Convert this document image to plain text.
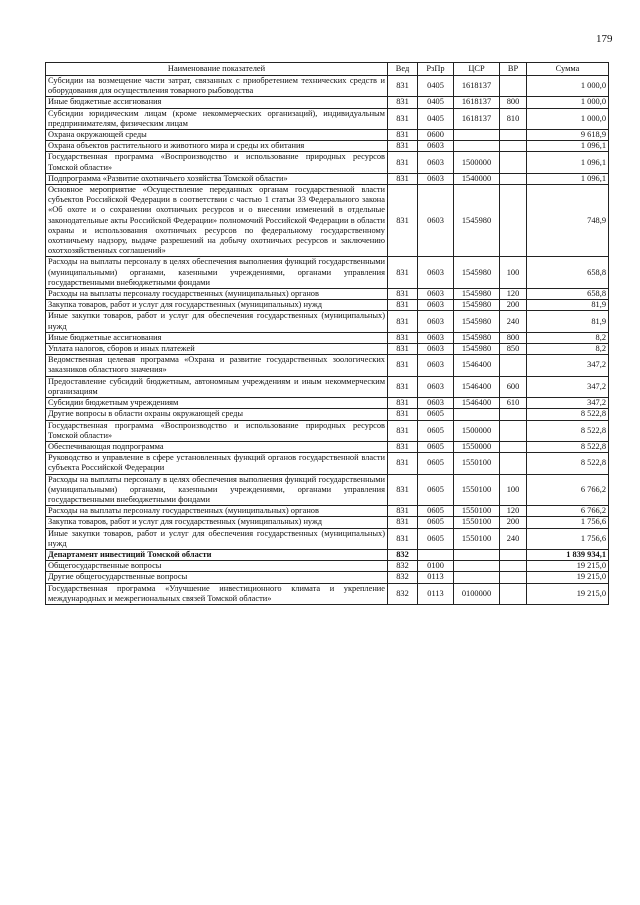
179
Наименование показателей	Вед	РзПр	ЦСР	ВР	Сумма
Субсидии на возмещение части затрат, связанных с приобретением технических средств и оборудования для осуществления товарного рыбоводства	831	0405	1618137		1 000,0
Иные бюджетные ассигнования	831	0405	1618137	800	1 000,0
Субсидии юридическим лицам (кроме некоммерческих организаций), индивидуальным предпринимателям, физическим лицам	831	0405	1618137	810	1 000,0
Охрана окружающей среды	831	0600			9 618,9
Охрана объектов растительного и животного мира и среды их обитания	831	0603			1 096,1
Государственная программа «Воспроизводство и использование природных ресурсов Томской области»	831	0603	1500000		1 096,1
Подпрограмма «Развитие охотничьего хозяйства Томской области»	831	0603	1540000		1 096,1
Основное мероприятие «Осуществление переданных органам государственной власти субъектов Российской Федерации в соответствии с частью 1 статьи 33 Федерального закона «Об охоте и о сохранении охотничьих ресурсов и о внесении изменений в отдельные законодательные акты Российской Федерации» полномочий Российской Федерации в области охраны и использования охотничьих ресурсов по федеральному государственному охотничьему надзору, выдаче разрешений на добычу охотничьих ресурсов и заключению охотхозяйственных соглашений»	831	0603	1545980		748,9
Расходы на выплаты персоналу в целях обеспечения выполнения функций государственными (муниципальными) органами, казенными учреждениями, органами управления государственными внебюджетными фондами	831	0603	1545980	100	658,8
Расходы на выплаты персоналу государственных (муниципальных) органов	831	0603	1545980	120	658,8
Закупка товаров, работ и услуг для государственных (муниципальных) нужд	831	0603	1545980	200	81,9
Иные закупки товаров, работ и услуг для обеспечения государственных (муниципальных) нужд	831	0603	1545980	240	81,9
Иные бюджетные ассигнования	831	0603	1545980	800	8,2
Уплата налогов, сборов и иных платежей	831	0603	1545980	850	8,2
Ведомственная целевая программа «Охрана и развитие государственных зоологических заказников областного значения»	831	0603	1546400		347,2
Предоставление субсидий бюджетным, автономным учреждениям и иным некоммерческим организациям	831	0603	1546400	600	347,2
Субсидии бюджетным учреждениям	831	0603	1546400	610	347,2
Другие вопросы в области охраны окружающей среды	831	0605			8 522,8
Государственная программа «Воспроизводство и использование природных ресурсов Томской области»	831	0605	1500000		8 522,8
Обеспечивающая подпрограмма	831	0605	1550000		8 522,8
Руководство и управление в сфере установленных функций органов государственной власти субъекта Российской Федерации	831	0605	1550100		8 522,8
Расходы на выплаты персоналу в целях обеспечения выполнения функций государственными (муниципальными) органами, казенными учреждениями, органами управления государственными внебюджетными фондами	831	0605	1550100	100	6 766,2
Расходы на выплаты персоналу государственных (муниципальных) органов	831	0605	1550100	120	6 766,2
Закупка товаров, работ и услуг для государственных (муниципальных) нужд	831	0605	1550100	200	1 756,6
Иные закупки товаров, работ и услуг для обеспечения государственных (муниципальных) нужд	831	0605	1550100	240	1 756,6
Департамент инвестиций Томской области	832				1 839 934,1
Общегосударственные вопросы	832	0100			19 215,0
Другие общегосударственные вопросы	832	0113			19 215,0
Государственная программа «Улучшение инвестиционного климата и укрепление международных и межрегиональных связей Томской области»	832	0113	0100000		19 215,0
